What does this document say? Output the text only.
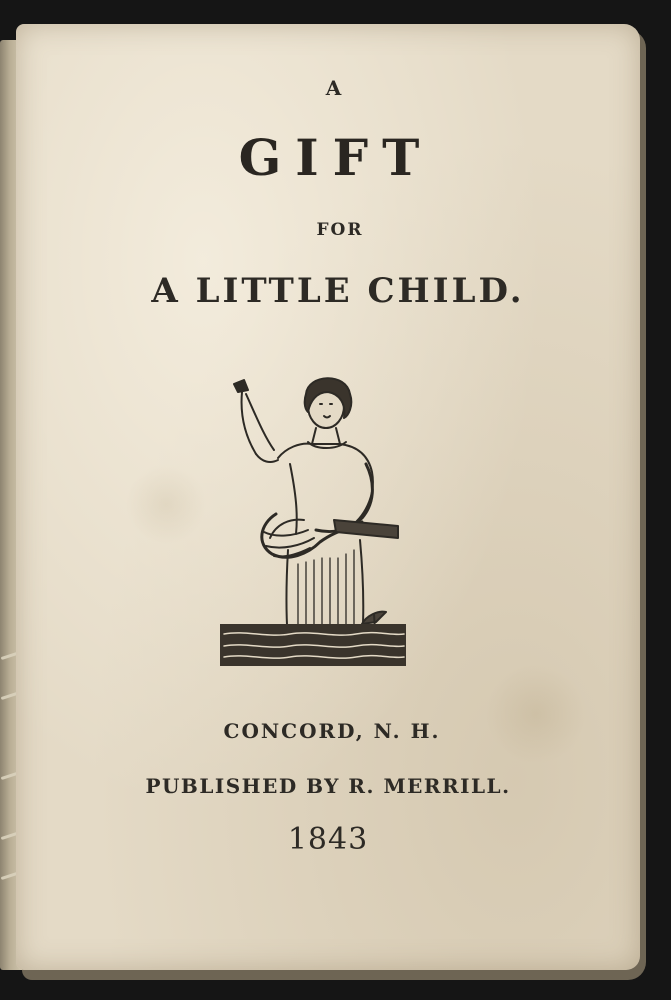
A

GIFT

FOR

A LITTLE CHILD.

CONCORD, N. H.

PUBLISHED BY R. MERRILL.

1843
